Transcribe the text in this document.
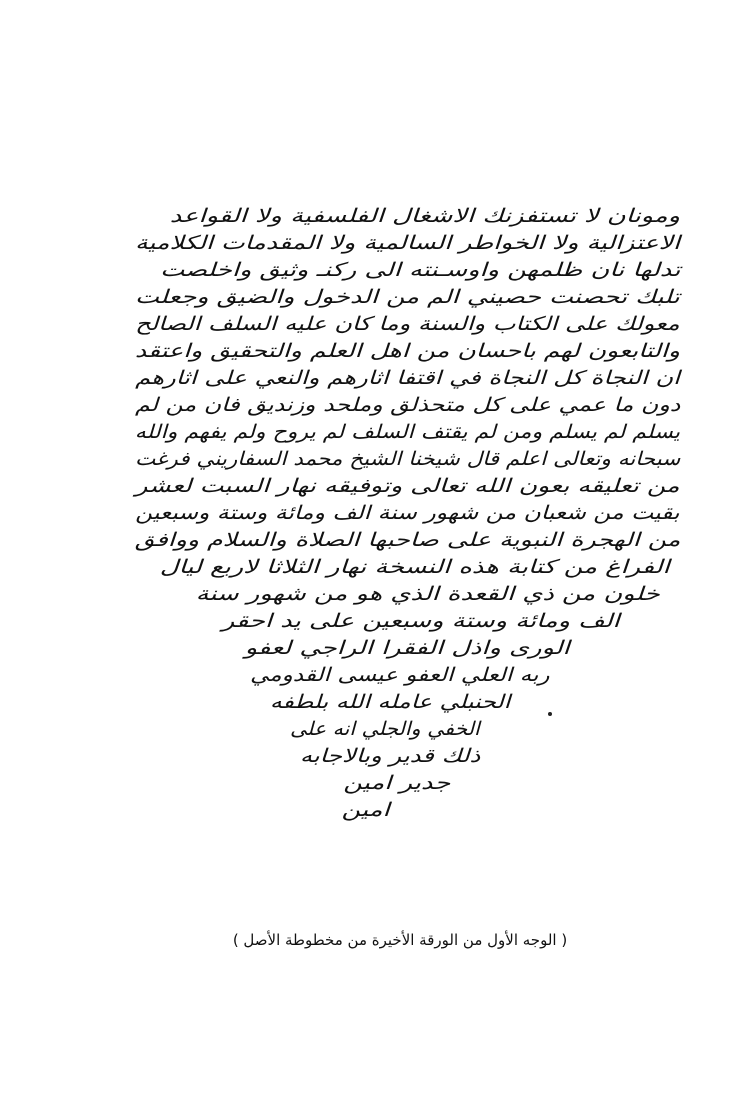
ومونان لا تستفزنك الاشغال الفلسفية ولا القواعد
الاعتزالية ولا الخواطر السالمية ولا المقدمات الكلامية
تدلها نان ظلمهن واوسـنته الى ركنـ وثيق واخلصت
تلبك تحصنت حصيني الم من الدخول والضيق وجعلت
معولك على الكتاب والسنة وما كان عليه السلف الصالح
والتابعون لهم باحسان من اهل العلم والتحقيق واعتقد
ان النجاة كل النجاة في اقتفا اثارهم والنعي على اثارهم
دون ما عمي على كل متحذلق وملحد وزنديق فان من لم
يسلم لم يسلم ومن لم يقتف السلف لم يروح ولم يفهم والله
سبحانه وتعالى اعلم قال شيخنا الشيخ محمد السفاريني فرغت
من تعليقه بعون الله تعالى وتوفيقه نهار السبت لعشر
بقيت من شعبان من شهور سنة الف ومائة وستة وسبعين
من الهجرة النبوية على صاحبها الصلاة والسلام ووافق
الفراغ من كتابة هذه النسخة نهار الثلاثا لاربع ليال
خلون من ذي القعدة الذي هو من شهور سنة
الف ومائة وستة وسبعين على يد احقر
الورى واذل الفقرا الراجي لعفو
ربه العلي العفو عيسى القدومي
الحنبلي عامله الله بلطفه
الخفي والجلي انه على
ذلك قدير وبالاجابه
جدير امين
امين
( الوجه الأول من الورقة الأخيرة من مخطوطة الأصل )
